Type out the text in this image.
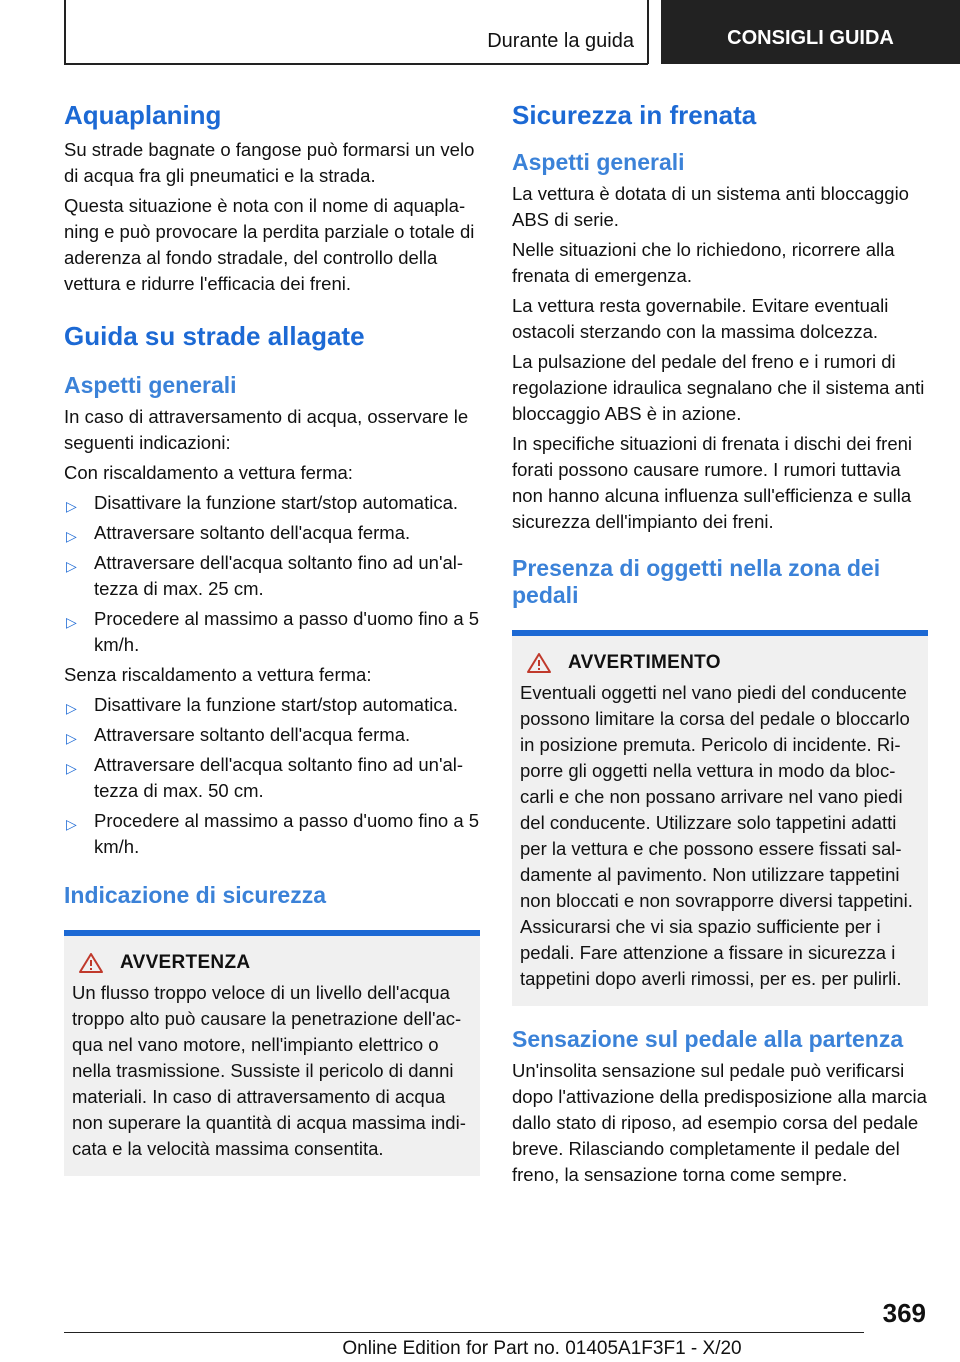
Durante la guida	CONSIGLI GUIDA
Aquaplaning

Su strade bagnate o fangose può formarsi un velo di acqua fra gli pneumatici e la strada.

Questa situazione è nota con il nome di aquaplaning e può provocare la perdita parziale o totale di aderenza al fondo stradale, del controllo della vettura e ridurre l'efficacia dei freni.

Guida su strade allagate
Aspetti generali

In caso di attraversamento di acqua, osservare le seguenti indicazioni:

Con riscaldamento a vettura ferma:

▷ Disattivare la funzione start/stop automatica.
▷ Attraversare soltanto dell'acqua ferma.
▷ Attraversare dell'acqua soltanto fino ad un'altezza di max. 25 cm.
▷ Procedere al massimo a passo d'uomo fino a 5 km/h.

Senza riscaldamento a vettura ferma:

▷ Disattivare la funzione start/stop automatica.
▷ Attraversare soltanto dell'acqua ferma.
▷ Attraversare dell'acqua soltanto fino ad un'altezza di max. 50 cm.
▷ Procedere al massimo a passo d'uomo fino a 5 km/h.
Indicazione di sicurezza
AVVERTENZA
Un flusso troppo veloce di un livello dell'acqua troppo alto può causare la penetrazione dell'acqua nel vano motore, nell'impianto elettrico o nella trasmissione. Sussiste il pericolo di danni materiali. In caso di attraversamento di acqua non superare la quantità di acqua massima indicata e la velocità massima consentita.
Sicurezza in frenata
Aspetti generali

La vettura è dotata di un sistema anti bloccaggio ABS di serie.

Nelle situazioni che lo richiedono, ricorrere alla frenata di emergenza.

La vettura resta governabile. Evitare eventuali ostacoli sterzando con la massima dolcezza.

La pulsazione del pedale del freno e i rumori di regolazione idraulica segnalano che il sistema anti bloccaggio ABS è in azione.

In specifiche situazioni di frenata i dischi dei freni forati possono causare rumore. I rumori tuttavia non hanno alcuna influenza sull'efficienza e sulla sicurezza dell'impianto dei freni.

Presenza di oggetti nella zona dei pedali
AVVERTIMENTO
Eventuali oggetti nel vano piedi del conducente possono limitare la corsa del pedale o bloccarlo in posizione premuta. Pericolo di incidente. Riporre gli oggetti nella vettura in modo da bloccarli e che non possano arrivare nel vano piedi del conducente. Utilizzare solo tappetini adatti per la vettura e che possono essere fissati saldamente al pavimento. Non utilizzare tappetini non bloccati e non sovrapporre diversi tappetini. Assicurarsi che vi sia spazio sufficiente per i pedali. Fare attenzione a fissare in sicurezza i tappetini dopo averli rimossi, per es. per pulirli.
Sensazione sul pedale alla partenza

Un'insolita sensazione sul pedale può verificarsi dopo l'attivazione della predisposizione alla marcia dallo stato di riposo, ad esempio corsa del pedale breve. Rilasciando completamente il pedale del freno, la sensazione torna come sempre.

369
Online Edition for Part no. 01405A1F3F1 - X/20
